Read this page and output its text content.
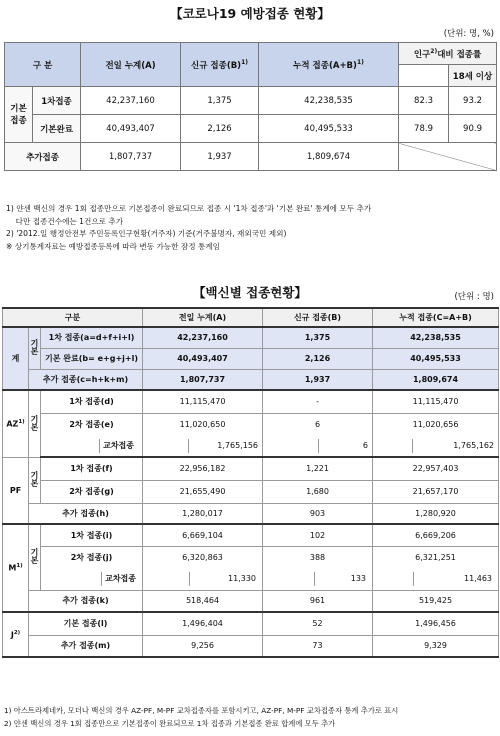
【코로나19 예방접종 현황】
(단위: 명, %)
구 분		전일 누계(A)	신규 접종$(B)^{1)}$	누적 접종$(A+B)^{1)}$	인구$^{2)}$대비 접종률	
						18세 이상
기본
접종	1차접종	42,237,160	1,375	42,238,535	82.3	93.2
	기본완료	40,493,407	2,126	40,495,533	78.9	90.9
추가접종		1,807,737	1,937	1,809,674		
1) 얀센 백신의 경우 1회 접종만으로 기본접종이 완료되므로 접종 시 '1차 접종'과 '기본 완료' 통계에 모두 추가
다만 접종건수에는 1건으로 추가
2) '2012.일 행정안전부 주민등록인구현황(거주자) 기준(거주불명자, 재외국민 제외)
※ 상기통계자료는 예방접종등록에 따라 변동 가능한 잠정 통계임
【백신별 접종현황】	(단위 : 명)
구분			전일 누계(A)	신규 접종(B)	누적 접종(C=A+B)
계	기본	1차 접종(a=d+f+i+l)	42,237,160	1,375	42,238,535
		기본 완료(b= e+g+j+l)	40,493,407	2,126	40,495,533
	추가 접종(c=h+k+m)		1,807,737	1,937	1,809,674
AZ$^{1)}$	기본	1차 접종(d)	11,115,470	-	11,115,470
		2차 접종(e)	11,020,650	6	11,020,656
		교차접종	1,765,156	6	1,765,162
PF	기본	1차 접종(f)	22,956,182	1,221	22,957,403
		2차 접종(g)	21,655,490	1,680	21,657,170
	추가 접종(h)		1,280,017	903	1,280,920
$M^{1)}$	기본	1차 접종(i)	6,669,104	102	6,669,206
		2차 접종(j)	6,320,863	388	6,321,251
		교차접종	11,330	133	11,463
	추가 접종(k)		518,464	961	519,425
$J^{2)}$	기본 접종(l)		1,496,404	52	1,496,456
	추가 접종(m)		9,256	73	9,329
1) 아스트라제네카, 모더나 백신의 경우 AZ-PF, M-PF 교차접종자를 포함시키고, AZ-PF, M-PF 교차접종자 통계 추가로 표시
2) 얀센 백신의 경우 1회 접종만으로 기본접종이 완료되므로 1차 접종과 기본접종 완료 합계에 모두 추가
